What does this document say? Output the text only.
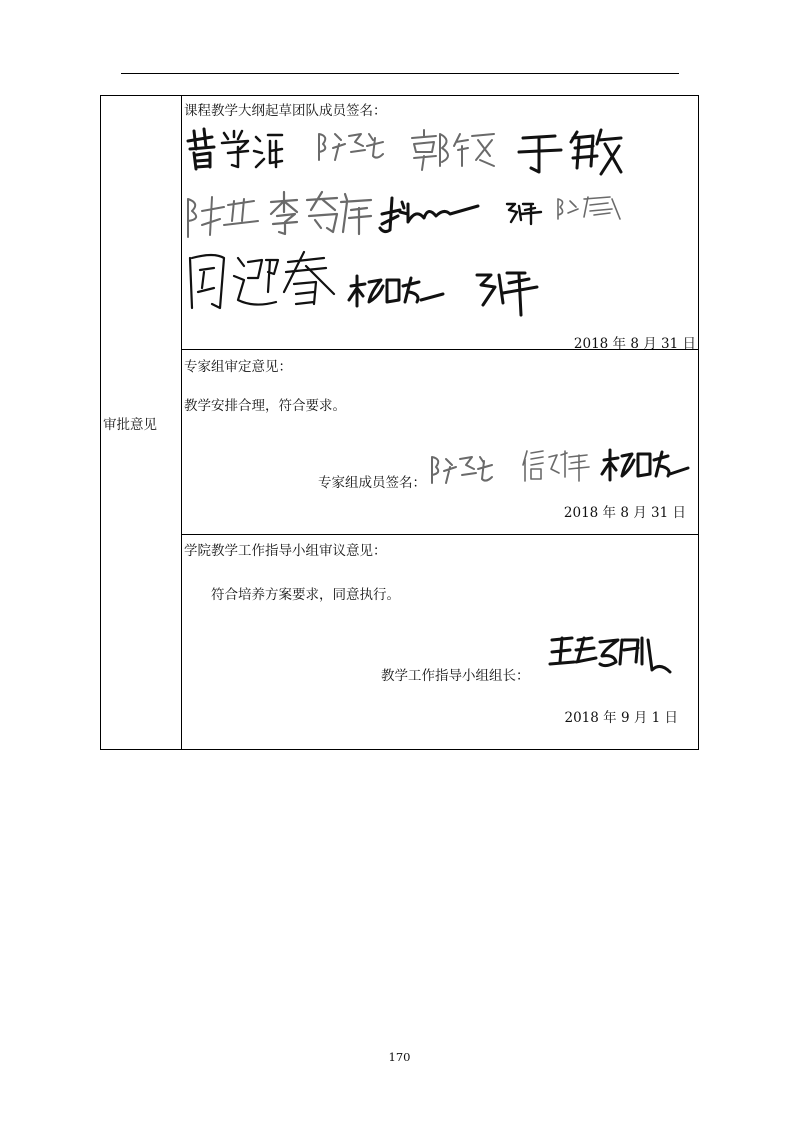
审批意见

课程教学大纲起草团队成员签名：
2018 年 8 月 31 日

专家组审定意见：
教学安排合理，符合要求。
专家组成员签名：
2018 年 8 月 31 日

学院教学工作指导小组审议意见：
符合培养方案要求，同意执行。
教学工作指导小组组长：
2018 年 9 月 1 日
170
